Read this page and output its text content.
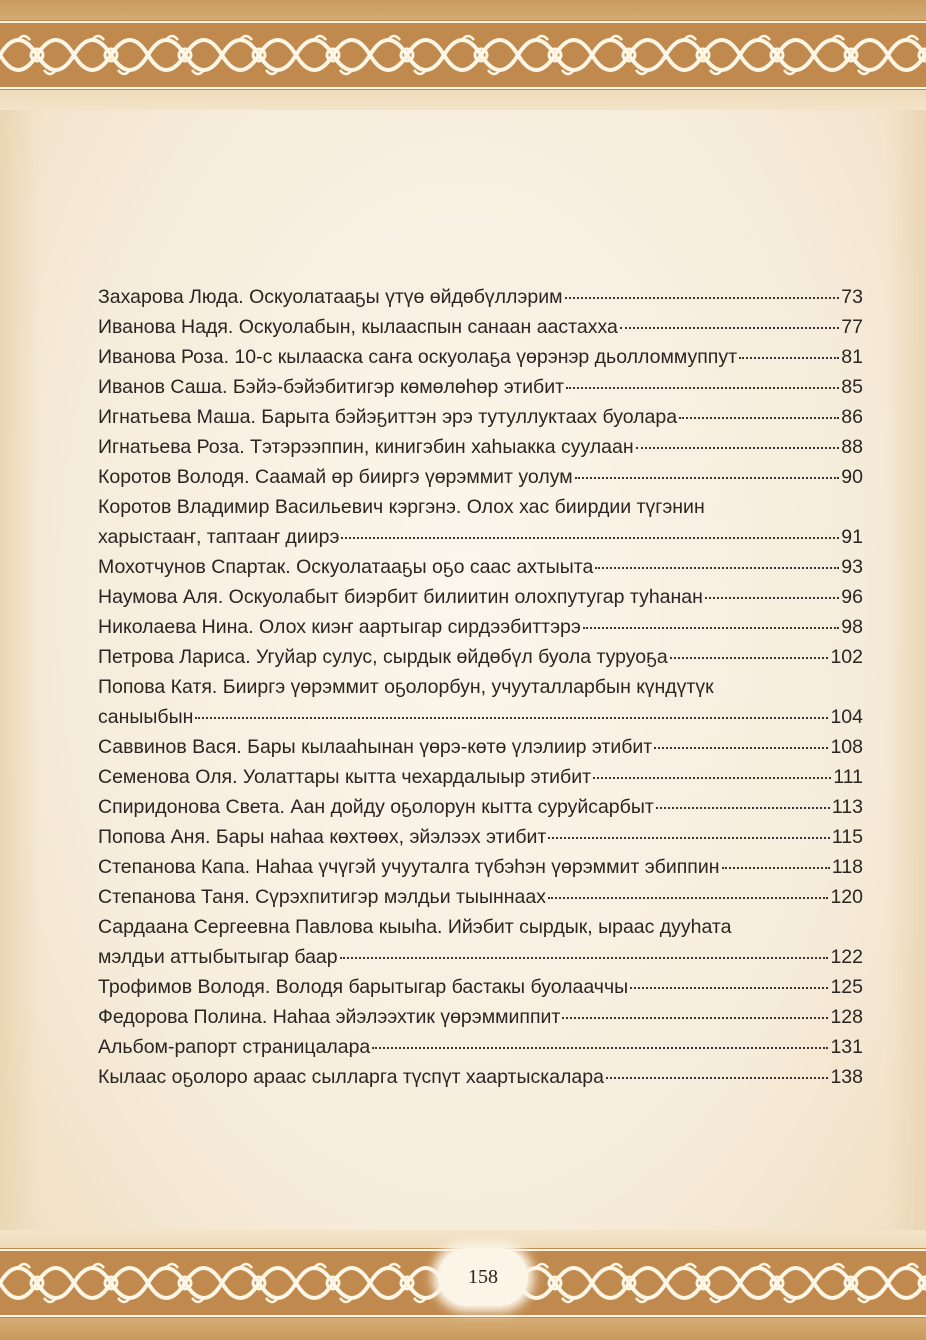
Захарова Люда. Оскуолатааҕы үтүө өйдөбүллэрим	73
Иванова Надя. Оскуолабын, кылааспын санаан аастахха	77
Иванова Роза. 10-с кылааска саҥа оскуолаҕа үөрэнэр дьолломмуппут	81
Иванов Саша. Бэйэ-бэйэбитигэр көмөлөһөр этибит	85
Игнатьева Маша. Барыта бэйэҕиттэн эрэ тутуллуктаах буолара	86
Игнатьева Роза. Тэтэрээппин, кинигэбин хаһыакка суулаан	88
Коротов Володя. Саамай өр бииргэ үөрэммит уолум	90
Коротов Владимир Васильевич кэргэнэ. Олох хас биирдии түгэнин
харыстааҥ, таптааҥ диирэ	91
Мохотчунов Спартак. Оскуолатааҕы оҕо саас ахтыыта	93
Наумова Аля. Оскуолабыт биэрбит билиитин олохпутугар туһанан	96
Николаева Нина. Олох киэҥ аартыгар сирдээбиттэрэ	98
Петрова Лариса. Угуйар сулус, сырдык өйдөбүл буола туруоҕа	102
Попова Катя. Бииргэ үөрэммит оҕолорбун, учууталларбын күндүтүк
саныыбын	104
Саввинов Вася. Бары кылааһынан үөрэ-көтө үлэлиир этибит	108
Семенова Оля. Уолаттары кытта чехардалыыр этибит	111
Спиридонова Света. Аан дойду оҕолорун кытта суруйсарбыт	113
Попова Аня. Бары наһаа көхтөөх, эйэлээх этибит	115
Степанова Капа. Наһаа үчүгэй учууталга түбэһэн үөрэммит эбиппин	118
Степанова Таня. Сүрэхпитигэр мэлдьи тыыннаах	120
Сардаана Сергеевна Павлова кыыһа. Ийэбит сырдык, ыраас дууһата
мэлдьи аттыбытыгар баар	122
Трофимов Володя. Володя барытыгар бастакы буолааччы	125
Федорова Полина. Наһаа эйэлээхтик үөрэммиппит	128
Альбом-рапорт страницалара	131
Кылаас оҕолоро араас сылларга түспүт хаартыскалара	138
158
